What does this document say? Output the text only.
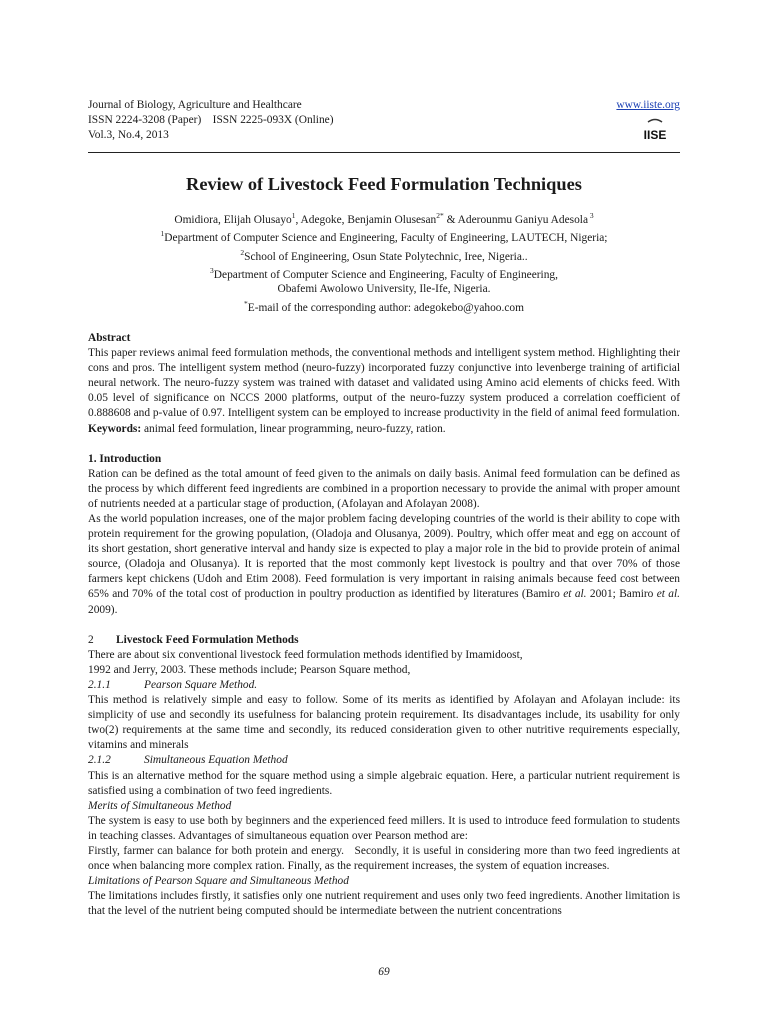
Journal of Biology, Agriculture and Healthcare
ISSN 2224-3208 (Paper)    ISSN 2225-093X (Online)
Vol.3, No.4, 2013
www.iiste.org
IISE
Review of Livestock Feed Formulation Techniques
Omidiora, Elijah Olusayo$^1$, Adegoke, Benjamin Olusesan$^{2*}$ & Aderounmu Ganiyu Adesola $^3$
$^1$Department of Computer Science and Engineering, Faculty of Engineering, LAUTECH, Nigeria;
$^2$School of Engineering, Osun State Polytechnic, Iree, Nigeria..
$^3$Department of Computer Science and Engineering, Faculty of Engineering,
Obafemi Awolowo University, Ile-Ife, Nigeria.
*E-mail of the corresponding author: adegokebo@yahoo.com

Abstract

This paper reviews animal feed formulation methods, the conventional methods and intelligent system method. Highlighting their cons and pros. The intelligent system method (neuro-fuzzy) incorporated fuzzy conjunctive into levenberge training of artificial neural network. The neuro-fuzzy system was trained with dataset and validated using Amino acid elements of chicks feed. With 0.05 level of significance on NCCS 2000 platforms, output of the neuro-fuzzy system produced a correlation coefficient of 0.888608 and p-value of 0.97. Intelligent system can be employed to increase productivity in the field of animal feed formulation.

Keywords: animal feed formulation, linear programming, neuro-fuzzy, ration.

1. Introduction

Ration can be defined as the total amount of feed given to the animals on daily basis. Animal feed formulation can be defined as the process by which different feed ingredients are combined in a proportion necessary to provide the animal with proper amount of nutrients needed at a particular stage of production, (Afolayan and Afolayan 2008).

As the world population increases, one of the major problem facing developing countries of the world is their ability to cope with protein requirement for the growing population, (Oladoja and Olusanya, 2009). Poultry, which offer meat and egg on account of its short gestation, short generative interval and handy size is expected to play a major role in the bid to provide protein of animal source, (Oladoja and Olusanya). It is reported that the most commonly kept livestock is poultry and that over 70% of those farmers kept chickens (Udoh and Etim 2008). Feed formulation is very important in raising animals because feed cost between 65% and 70% of the total cost of production in poultry production as identified by literatures (Bamiro et al. 2001; Bamiro et al. 2009).

2 Livestock Feed Formulation Methods

There are about six conventional livestock feed formulation methods identified by Imamidoost,

1992 and Jerry, 2003. These methods include; Pearson Square method,

2.1.1	Pearson Square Method.

This method is relatively simple and easy to follow. Some of its merits as identified by Afolayan and Afolayan include: its simplicity of use and secondly its usefulness for balancing protein requirement. Its disadvantages include, its usability for only two(2) requirements at the same time and secondly, its reduced consideration given to other nutritive requirements especially, vitamins and minerals

2.1.2	Simultaneous Equation Method

This is an alternative method for the square method using a simple algebraic equation. Here, a particular nutrient requirement is satisfied using a combination of two feed ingredients.

Merits of Simultaneous Method

The system is easy to use both by beginners and the experienced feed millers. It is used to introduce feed formulation to students in teaching classes. Advantages of simultaneous equation over Pearson method are:

Firstly, farmer can balance for both protein and energy.   Secondly, it is useful in considering more than two feed ingredients at once when balancing more complex ration. Finally, as the requirement increases, the system of equation increases.

Limitations of Pearson Square and Simultaneous Method

The limitations includes firstly, it satisfies only one nutrient requirement and uses only two feed ingredients. Another limitation is that the level of the nutrient being computed should be intermediate between the nutrient concentrations

69
